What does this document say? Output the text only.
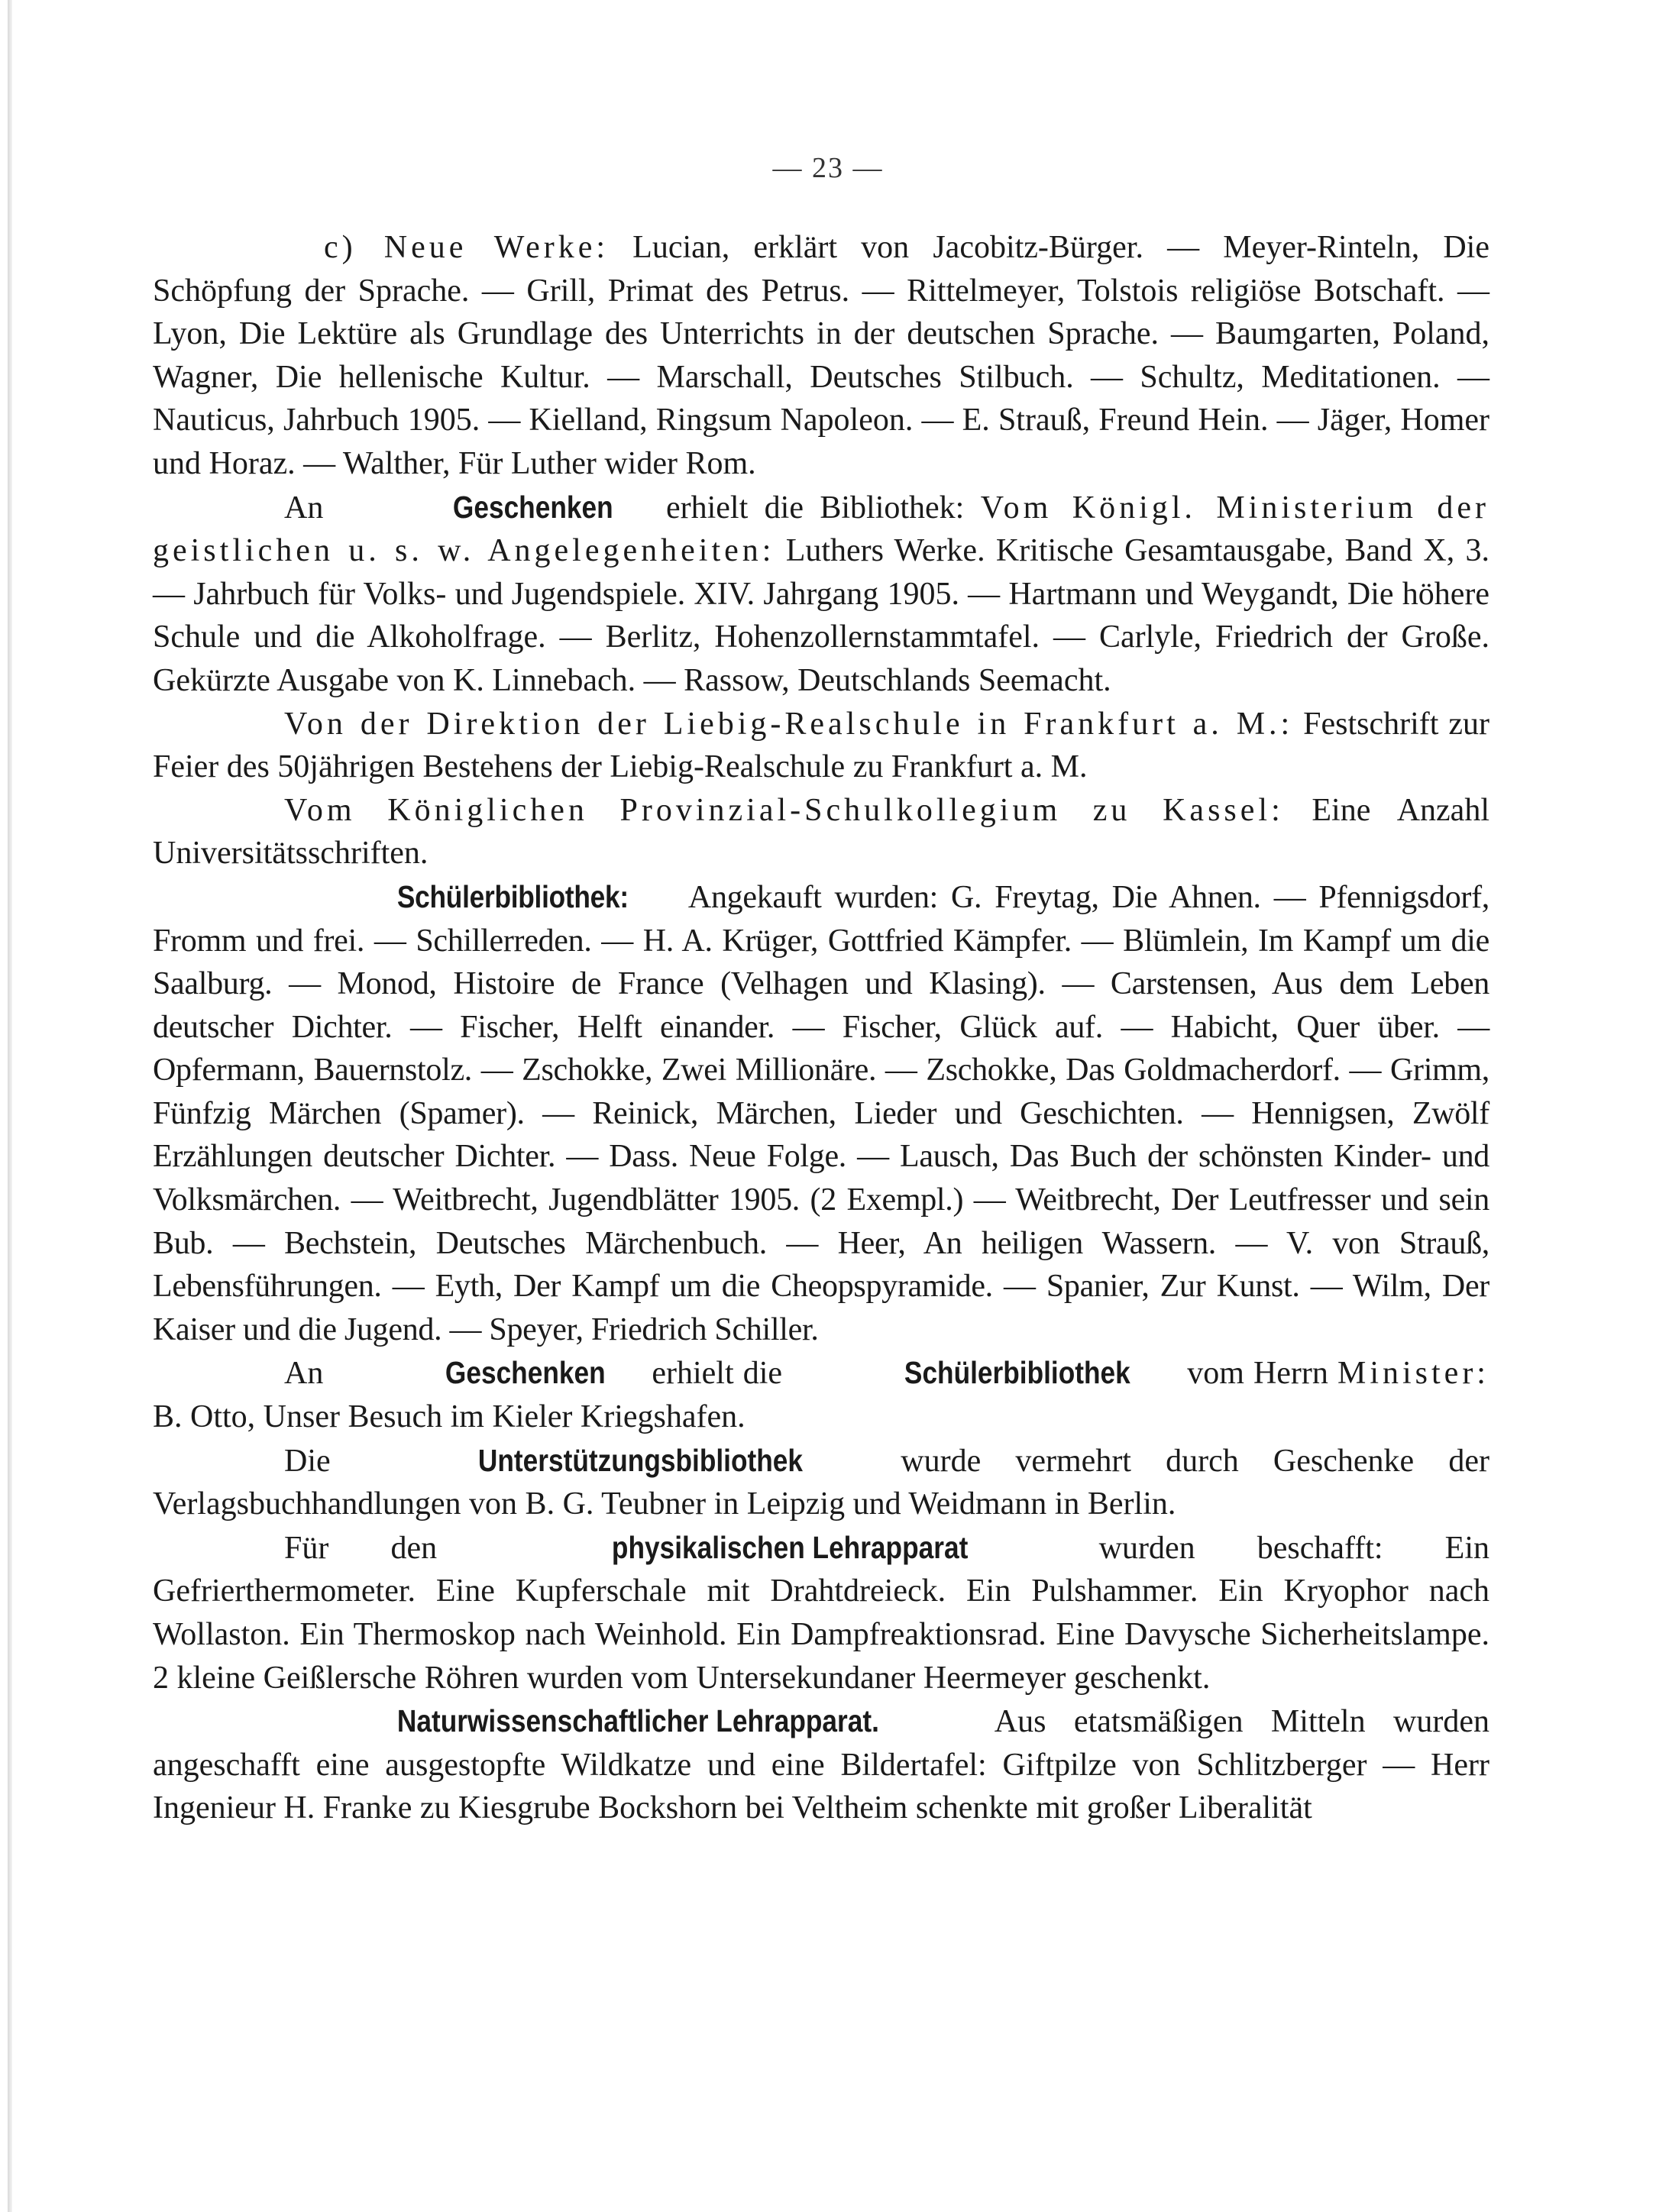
— 23 —

c) Neue Werke: Lucian, erklärt von Jacobitz-Bürger. — Meyer-Rinteln, Die Schöpfung der Sprache. — Grill, Primat des Petrus. — Rittelmeyer, Tolstois religiöse Botschaft. — Lyon, Die Lektüre als Grundlage des Unterrichts in der deutschen Sprache. — Baumgarten, Poland, Wagner, Die hellenische Kultur. — Marschall, Deutsches Stilbuch. — Schultz, Meditationen. — Nauticus, Jahrbuch 1905. — Kielland, Ringsum Napoleon. — E. Strauß, Freund Hein. — Jäger, Homer und Horaz. — Walther, Für Luther wider Rom.

An	Geschenken erhielt die Bibliothek: Vom Königl. Ministerium der geistlichen u. s. w. Angelegenheiten: Luthers Werke. Kritische Gesamtausgabe, Band X, 3. — Jahrbuch für Volks- und Jugendspiele. XIV. Jahrgang 1905. — Hartmann und Weygandt, Die höhere Schule und die Alkoholfrage. — Berlitz, Hohenzollernstammtafel. — Carlyle, Friedrich der Große. Gekürzte Ausgabe von K. Linnebach. — Rassow, Deutschlands Seemacht.

Von der Direktion der Liebig-Realschule in Frankfurt a. M.: Festschrift zur Feier des 50jährigen Bestehens der Liebig-Realschule zu Frankfurt a. M.

Vom Königlichen Provinzial-Schulkollegium zu Kassel: Eine Anzahl Universitätsschriften.

Schülerbibliothek: Angekauft wurden: G. Freytag, Die Ahnen. — Pfennigsdorf, Fromm und frei. — Schillerreden. — H. A. Krüger, Gottfried Kämpfer. — Blümlein, Im Kampf um die Saalburg. — Monod, Histoire de France (Velhagen und Klasing). — Carstensen, Aus dem Leben deutscher Dichter. — Fischer, Helft einander. — Fischer, Glück auf. — Habicht, Quer über. — Opfermann, Bauernstolz. — Zschokke, Zwei Millionäre. — Zschokke, Das Goldmacherdorf. — Grimm, Fünfzig Märchen (Spamer). — Reinick, Märchen, Lieder und Geschichten. — Hennigsen, Zwölf Erzählungen deutscher Dichter. — Dass. Neue Folge. — Lausch, Das Buch der schönsten Kinder- und Volksmärchen. — Weitbrecht, Jugendblätter 1905. (2 Exempl.) — Weitbrecht, Der Leutfresser und sein Bub. — Bechstein, Deutsches Märchenbuch. — Heer, An heiligen Wassern. — V. von Strauß, Lebensführungen. — Eyth, Der Kampf um die Cheopspyramide. — Spanier, Zur Kunst. — Wilm, Der Kaiser und die Jugend. — Speyer, Friedrich Schiller.

An	Geschenken erhielt die	Schülerbibliothek vom Herrn Minister: B. Otto, Unser Besuch im Kieler Kriegshafen.

Die	Unterstützungsbibliothek wurde vermehrt durch Geschenke der Verlagsbuchhandlungen von B. G. Teubner in Leipzig und Weidmann in Berlin.

Für den	physikalischen Lehrapparat wurden beschafft: Ein Gefrierthermometer. Eine Kupferschale mit Drahtdreieck. Ein Pulshammer. Ein Kryophor nach Wollaston. Ein Thermoskop nach Weinhold. Ein Dampfreaktionsrad. Eine Davysche Sicherheitslampe. 2 kleine Geißlersche Röhren wurden vom Untersekundaner Heermeyer geschenkt.

Naturwissenschaftlicher Lehrapparat.	Aus etatsmäßigen Mitteln wurden angeschafft eine ausgestopfte Wildkatze und eine Bildertafel: Giftpilze von Schlitzberger — Herr Ingenieur H. Franke zu Kiesgrube Bockshorn bei Veltheim schenkte mit großer Liberalität
